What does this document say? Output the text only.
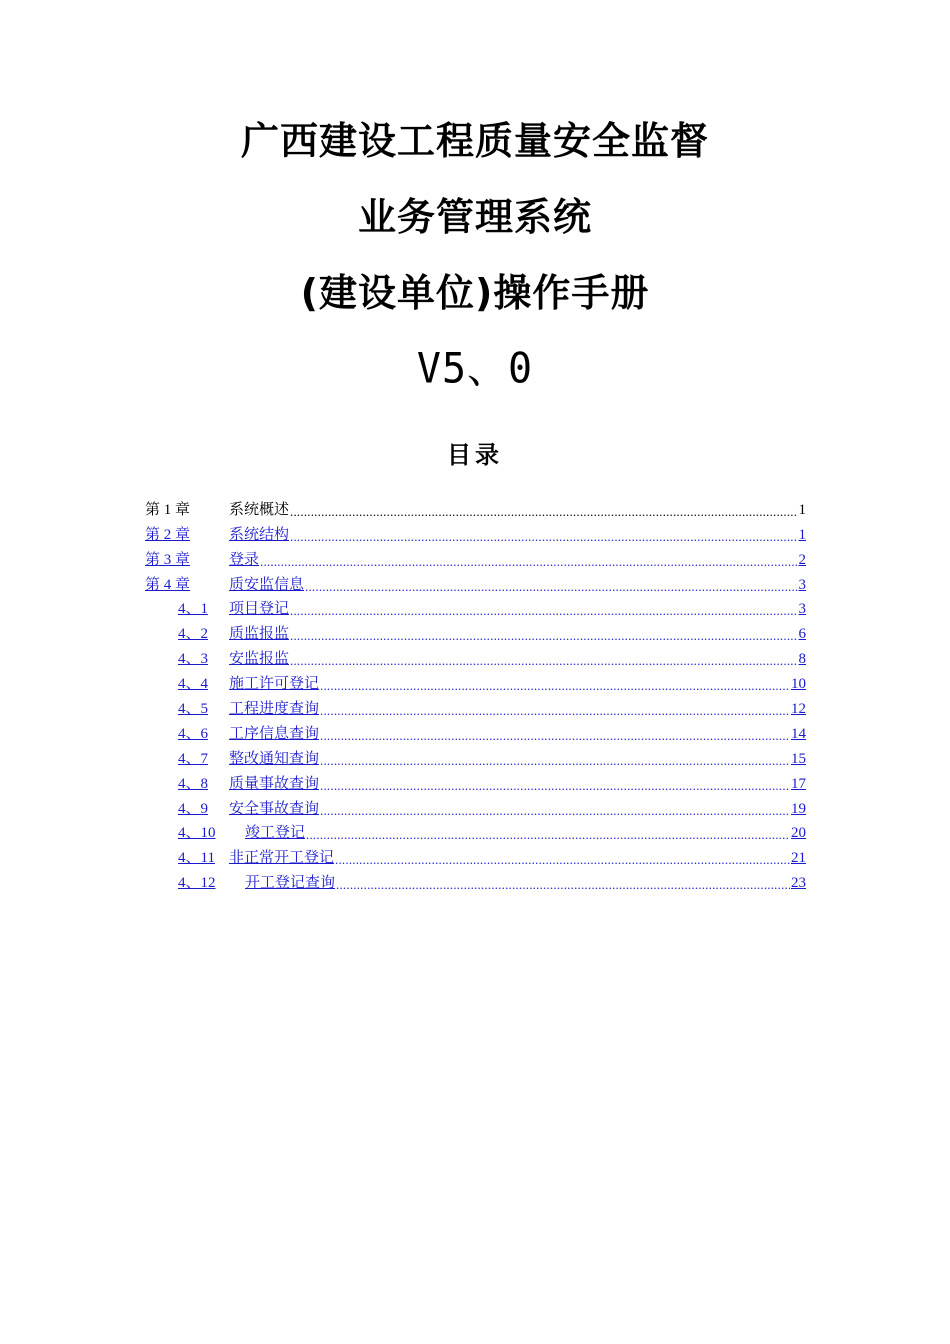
广西建设工程质量安全监督
业务管理系统
(建设单位)操作手册
V5、0
目录
第 1 章	系统概述 .....	1
第 2 章	系统结构 .....	1
第 3 章	登录 .....	2
第 4 章	质安监信息 .....	3
4、1	项目登记 .....	3
4、2	质监报监 .....	6
4、3	安监报监 .....	8
4、4	施工许可登记 .....	10
4、5	工程进度查询 .....	12
4、6	工序信息查询 .....	14
4、7	整改通知查询 .....	15
4、8	质量事故查询 .....	17
4、9	安全事故查询 .....	19
4、10	竣工登记 .....	20
4、11 非正常开工登记 .....	21
4、12	开工登记查询 .....	23
